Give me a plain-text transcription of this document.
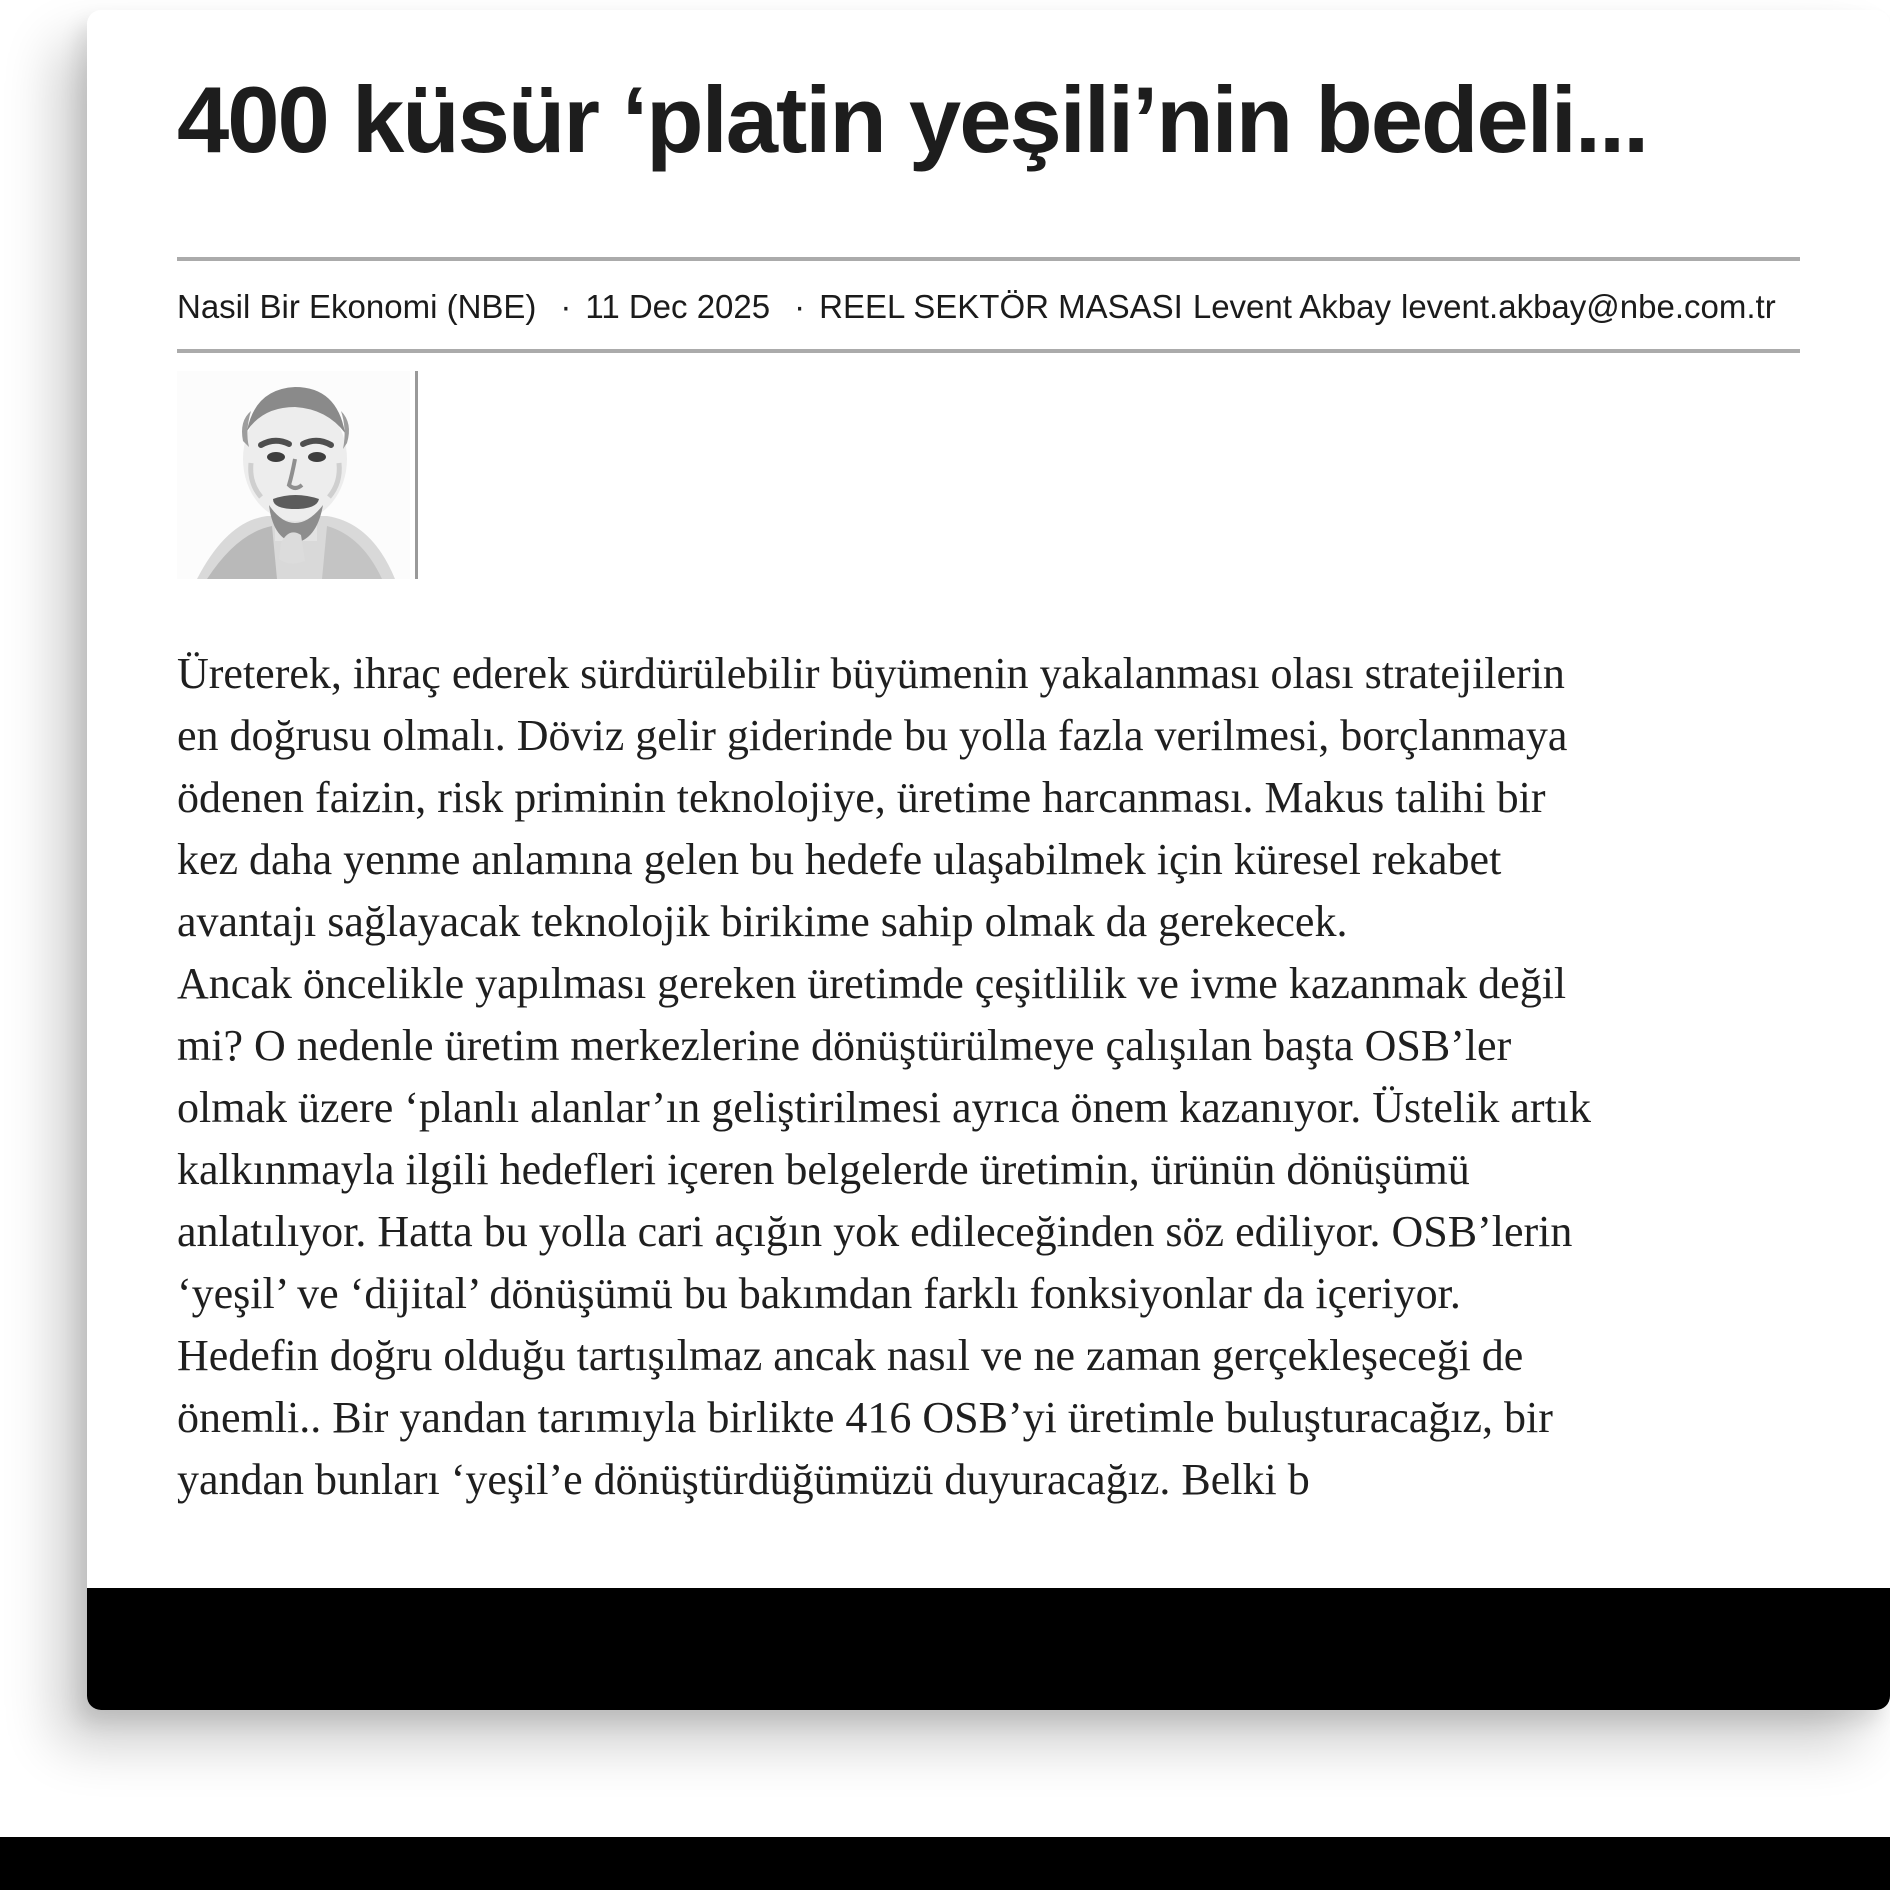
400 küsür ‘platin yeşili’nin bedeli...
Nasil Bir Ekonomi (NBE) · 11 Dec 2025 · REEL SEKTÖR MASASI Levent Akbay levent.akbay@nbe.com.tr

Üreterek, ihraç ederek sürdürülebilir büyümenin yakalanması olası stratejilerin
en doğrusu olmalı. Döviz gelir giderinde bu yolla fazla verilmesi, borçlanmaya
ödenen faizin, risk priminin teknolojiye, üretime harcanması. Makus talihi bir
kez daha yenme anlamına gelen bu hedefe ulaşabilmek için küresel rekabet
avantajı sağlayacak teknolojik birikime sahip olmak da gerekecek.

Ancak öncelikle yapılması gereken üretimde çeşitlilik ve ivme kazanmak değil
mi? O nedenle üretim merkezlerine dönüştürülmeye çalışılan başta OSB’ler
olmak üzere ‘planlı alanlar’ın geliştirilmesi ayrıca önem kazanıyor. Üstelik artık
kalkınmayla ilgili hedefleri içeren belgelerde üretimin, ürünün dönüşümü
anlatılıyor. Hatta bu yolla cari açığın yok edileceğinden söz ediliyor. OSB’lerin
‘yeşil’ ve ‘dijital’ dönüşümü bu bakımdan farklı fonksiyonlar da içeriyor.

Hedefin doğru olduğu tartışılmaz ancak nasıl ve ne zaman gerçekleşeceği de
önemli.. Bir yandan tarımıyla birlikte 416 OSB’yi üretimle buluşturacağız, bir
yandan bunları ‘yeşil’e dönüştürdüğümüzü duyuracağız. Belki b
